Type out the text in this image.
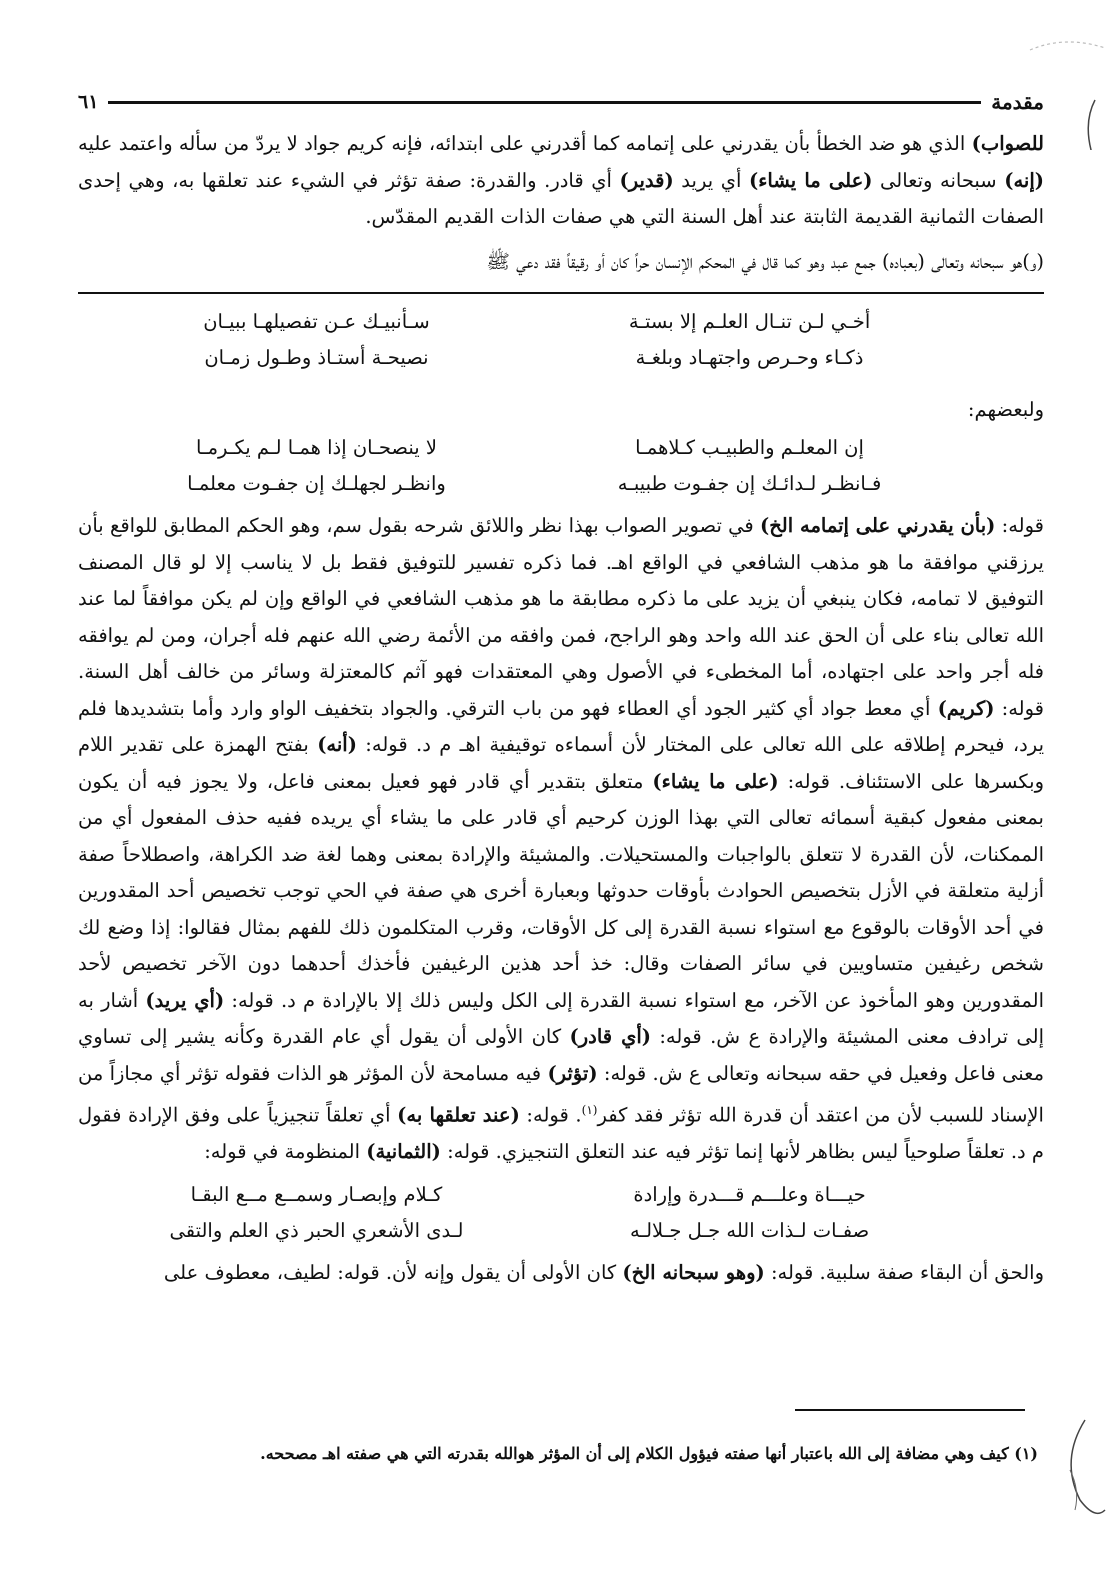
مقدمة
٦١

للصواب) الذي هو ضد الخطأ بأن يقدرني على إتمامه كما أقدرني على ابتدائه، فإنه كريم جواد لا يردّ من سأله واعتمد عليه (إنه) سبحانه وتعالى (على ما يشاء) أي يريد (قدير) أي قادر. والقدرة: صفة تؤثر في الشيء عند تعلقها به، وهي إحدى الصفات الثمانية القديمة الثابتة عند أهل السنة التي هي صفات الذات القديم المقدّس.

(و)هو سبحانه وتعالى (بعباده) جمع عبد وهو كما قال في المحكم الإنسان حراً كان أو رقيقاً فقد دعي ﷺ

أخـي لـن تنـال العلـم إلا بستـة
سـأنبيـك عـن تفصيلهـا ببيـان
ذكـاء وحـرص واجتهـاد وبلغـة
نصيحـة أستـاذ وطـول زمـان

ولبعضهم:

إن المعلـم والطبيـب كـلاهمـا
لا ينصحـان إذا همـا لـم يكـرمـا
فـانظـر لـدائـك إن جفـوت طبيبـه
وانظـر لجهلـك إن جفـوت معلمـا

قوله: (بأن يقدرني على إتمامه الخ) في تصوير الصواب بهذا نظر واللائق شرحه بقول سم، وهو الحكم المطابق للواقع بأن يرزقني موافقة ما هو مذهب الشافعي في الواقع اهـ. فما ذكره تفسير للتوفيق فقط بل لا يناسب إلا لو قال المصنف التوفيق لا تمامه، فكان ينبغي أن يزيد على ما ذكره مطابقة ما هو مذهب الشافعي في الواقع وإن لم يكن موافقاً لما عند الله تعالى بناء على أن الحق عند الله واحد وهو الراجح، فمن وافقه من الأئمة رضي الله عنهم فله أجران، ومن لم يوافقه فله أجر واحد على اجتهاده، أما المخطىء في الأصول وهي المعتقدات فهو آثم كالمعتزلة وسائر من خالف أهل السنة. قوله: (كريم) أي معط جواد أي كثير الجود أي العطاء فهو من باب الترقي. والجواد بتخفيف الواو وارد وأما بتشديدها فلم يرد، فيحرم إطلاقه على الله تعالى على المختار لأن أسماءه توقيفية اهـ م د. قوله: (أنه) بفتح الهمزة على تقدير اللام وبكسرها على الاستئناف. قوله: (على ما يشاء) متعلق بتقدير أي قادر فهو فعيل بمعنى فاعل، ولا يجوز فيه أن يكون بمعنى مفعول كبقية أسمائه تعالى التي بهذا الوزن كرحيم أي قادر على ما يشاء أي يريده ففيه حذف المفعول أي من الممكنات، لأن القدرة لا تتعلق بالواجبات والمستحيلات. والمشيئة والإرادة بمعنى وهما لغة ضد الكراهة، واصطلاحاً صفة أزلية متعلقة في الأزل بتخصيص الحوادث بأوقات حدوثها وبعبارة أخرى هي صفة في الحي توجب تخصيص أحد المقدورين في أحد الأوقات بالوقوع مع استواء نسبة القدرة إلى كل الأوقات، وقرب المتكلمون ذلك للفهم بمثال فقالوا: إذا وضع لك شخص رغيفين متساويين في سائر الصفات وقال: خذ أحد هذين الرغيفين فأخذك أحدهما دون الآخر تخصيص لأحد المقدورين وهو المأخوذ عن الآخر، مع استواء نسبة القدرة إلى الكل وليس ذلك إلا بالإرادة م د. قوله: (أي يريد) أشار به إلى ترادف معنى المشيئة والإرادة ع ش. قوله: (أي قادر) كان الأولى أن يقول أي عام القدرة وكأنه يشير إلى تساوي معنى فاعل وفعيل في حقه سبحانه وتعالى ع ش. قوله: (تؤثر) فيه مسامحة لأن المؤثر هو الذات فقوله تؤثر أي مجازاً من الإسناد للسبب لأن من اعتقد أن قدرة الله تؤثر فقد كفر$^{(١)}$. قوله: (عند تعلقها به) أي تعلقاً تنجيزياً على وفق الإرادة فقول م د. تعلقاً صلوحياً ليس بظاهر لأنها إنما تؤثر فيه عند التعلق التنجيزي. قوله: (الثمانية) المنظومة في قوله:

حيـــاة وعلـــم قـــدرة وإرادة
كـلام وإبصـار وسمــع مــع البقـا
صفـات لـذات الله جـل جـلالـه
لـدى الأشعري الحبر ذي العلم والتقى

والحق أن البقاء صفة سلبية. قوله: (وهو سبحانه الخ) كان الأولى أن يقول وإنه لأن. قوله: لطيف، معطوف على

(١) كيف وهي مضافة إلى الله باعتبار أنها صفته فيؤول الكلام إلى أن المؤثر هوالله بقدرته التي هي صفته اهـ مصححه.
